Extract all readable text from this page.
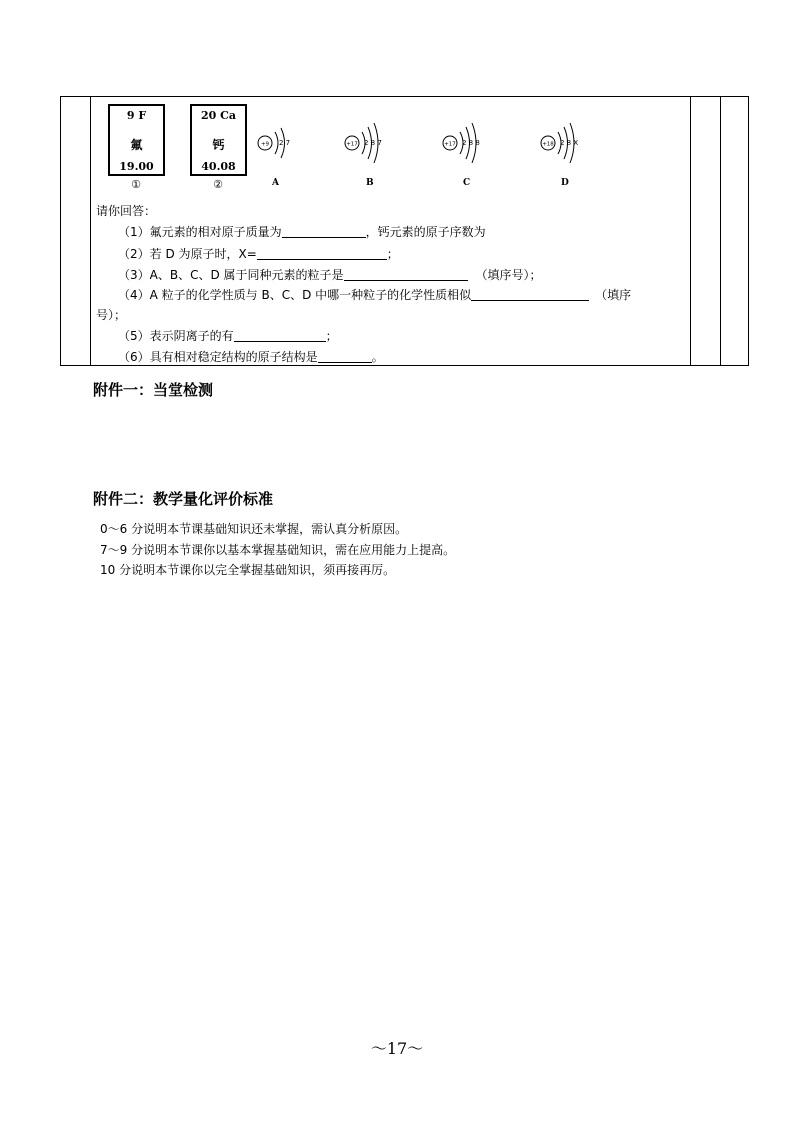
9 F
氟
19.00
①
20 Ca
钙
40.08
②
+9 2 7
A
+17 2 8 7
B
+17 2 8 8
C
+18 2 8 X
D
请你回答：
（1）氟元素的相对原子质量为	，钙元素的原子序数为
（2）若 D 为原子时，X=	；
（3）A、B、C、D 属于同种元素的粒子是	（填序号）；
（4）A 粒子的化学性质与 B、C、D 中哪一种粒子的化学性质相似	（填序
号）；
（5）表示阴离子的有	；
（6）具有相对稳定结构的原子结构是	。
附件一：当堂检测
附件二：教学量化评价标准
0～6 分说明本节课基础知识还未掌握，需认真分析原因。
7～9 分说明本节课你以基本掌握基础知识，需在应用能力上提高。
10 分说明本节课你以完全掌握基础知识，须再接再厉。
～17～
